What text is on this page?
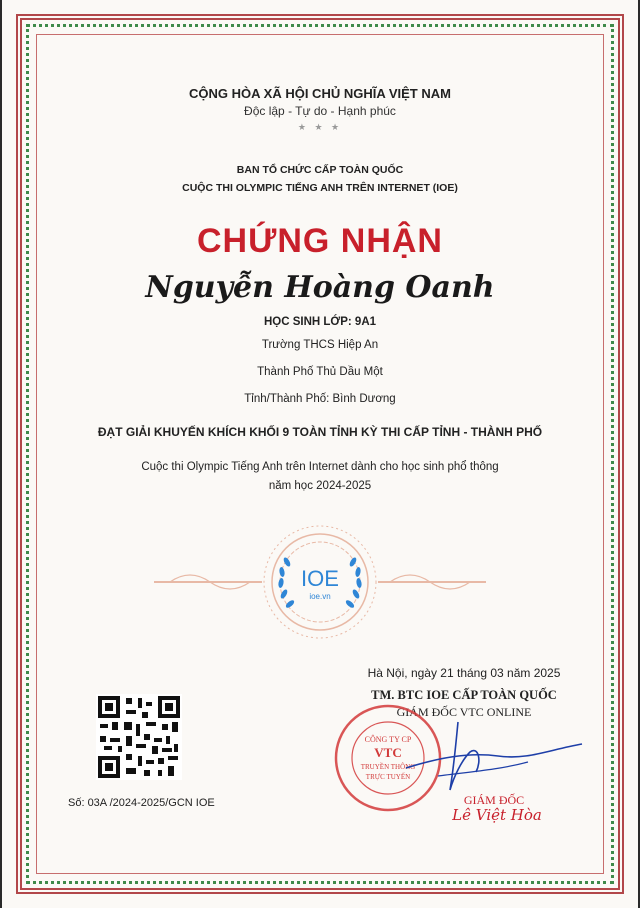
CỘNG HÒA XÃ HỘI CHỦ NGHĨA VIỆT NAM
Độc lập - Tự do - Hạnh phúc
★ ★ ★
BAN TỔ CHỨC CẤP TOÀN QUỐC
CUỘC THI OLYMPIC TIẾNG ANH TRÊN INTERNET (IOE)
CHỨNG NHẬN
Nguyễn Hoàng Oanh
HỌC SINH LỚP: 9A1
Trường THCS Hiệp An
Thành Phố Thủ Dầu Một
Tỉnh/Thành Phố: Bình Dương
ĐẠT GIẢI KHUYẾN KHÍCH KHỐI 9 TOÀN TỈNH KỲ THI CẤP TỈNH - THÀNH PHỐ
Cuộc thi Olympic Tiếng Anh trên Internet dành cho học sinh phổ thông
năm học 2024-2025
IOE
ioe.vn
Hà Nội, ngày 21 tháng 03 năm 2025
TM. BTC IOE CẤP TOÀN QUỐC
GIÁM ĐỐC VTC ONLINE
CÔNG TY CP
VTC
TRUYỀN THÔNG
TRỰC TUYẾN
GIÁM ĐỐC
Lê Việt Hòa
Số: 03A /2024-2025/GCN IOE
